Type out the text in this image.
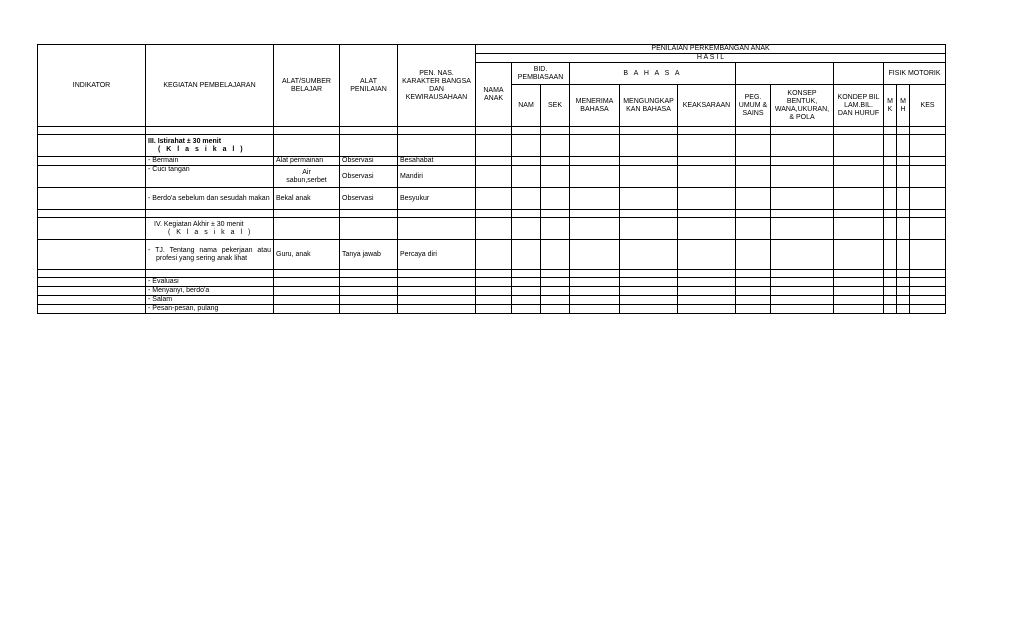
INDIKATOR	KEGIATAN PEMBELAJARAN	ALAT/SUMBER BELAJAR	ALAT PENILAIAN	PEN. NAS. KARAKTER BANGSA DAN KEWIRAUSAHAAN	PENILAIAN PERKEMBANGAN ANAK											
					H A S I L											
					NAMA ANAK	BID. PEMBIASAAN		B A H A S A						FISIK MOTORIK		
						NAM	SEK	MENERIMA BAHASA	MENGUNGKAP KAN BAHASA	KEAKSARAAN	PEG. UMUM & SAINS	KONSEP BENTUK, WANA,UKURAN, & POLA	KONDEP BIL LAM.BIL. DAN HURUF	M K	M H	KES

	III. Istirahat ± 30 menit
( K l a s i k a l )															

	- Bermain	Alat permainan	Observasi	Besahabat												
	- Cuci tangan	Air sabun,serbet	Observasi	Mandiri												
	- Berdo'a sebelum dan sesudah makan	Bekal anak	Observasi	Besyukur												

	IV. Kegiatan Akhir ± 30 menit
( K l a s i k a l )															

	- TJ. Tentang nama pekerjaan atau profesi yang sering anak lihat	Guru, anak	Tanya jawab	Percaya diri												

	- Evaluasi															
	- Menyanyi, berdo'a															
	- Salam															
	- Pesan-pesan, pulang															
